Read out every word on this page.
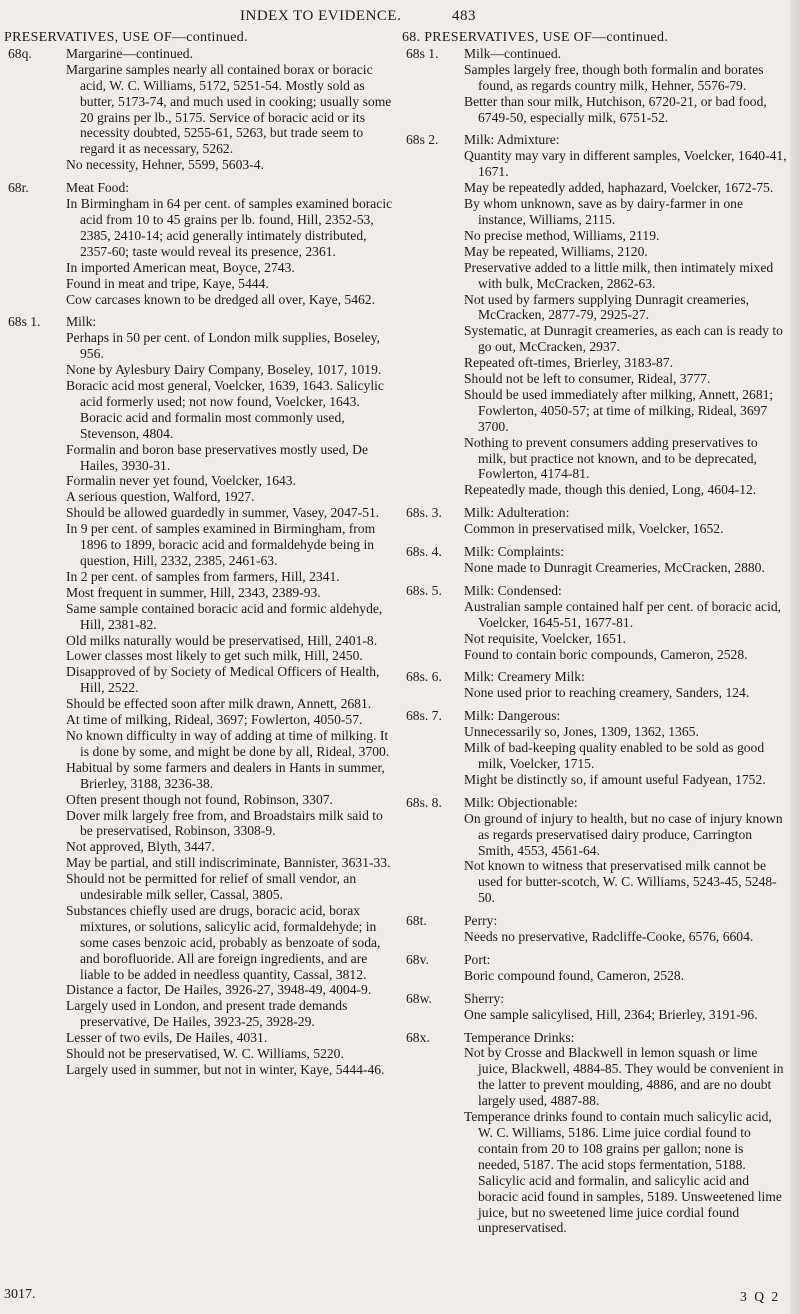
INDEX TO EVIDENCE.	483
PRESERVATIVES, USE OF—continued.
68q.	Margarine—continued.

Margarine samples nearly all contained borax or boracic acid, W. C. Williams, 5172, 5251-54. Mostly sold as butter, 5173-74, and much used in cooking; usually some 20 grains per lb., 5175. Service of boracic acid or its necessity doubted, 5255-61, 5263, but trade seem to regard it as necessary, 5262.

No necessity, Hehner, 5599, 5603-4.

68r.	Meat Food:

In Birmingham in 64 per cent. of samples examined boracic acid from 10 to 45 grains per lb. found, Hill, 2352-53, 2385, 2410-14; acid generally intimately distributed, 2357-60; taste would reveal its presence, 2361.

In imported American meat, Boyce, 2743.

Found in meat and tripe, Kaye, 5444.

Cow carcases known to be dredged all over, Kaye, 5462.

68s 1. Milk:

Perhaps in 50 per cent. of London milk supplies, Boseley, 956.

None by Aylesbury Dairy Company, Boseley, 1017, 1019.

Boracic acid most general, Voelcker, 1639, 1643. Salicylic acid formerly used; not now found, Voelcker, 1643. Boracic acid and formalin most commonly used, Stevenson, 4804.

Formalin and boron base preservatives mostly used, De Hailes, 3930-31.

Formalin never yet found, Voelcker, 1643.

A serious question, Walford, 1927.

Should be allowed guardedly in summer, Vasey, 2047-51.

In 9 per cent. of samples examined in Birmingham, from 1896 to 1899, boracic acid and formaldehyde being in question, Hill, 2332, 2385, 2461-63.

In 2 per cent. of samples from farmers, Hill, 2341.

Most frequent in summer, Hill, 2343, 2389-93.

Same sample contained boracic acid and formic aldehyde, Hill, 2381-82.

Old milks naturally would be preservatised, Hill, 2401-8.

Lower classes most likely to get such milk, Hill, 2450.

Disapproved of by Society of Medical Officers of Health, Hill, 2522.

Should be effected soon after milk drawn, Annett, 2681.

At time of milking, Rideal, 3697; Fowlerton, 4050-57.

No known difficulty in way of adding at time of milking. It is done by some, and might be done by all, Rideal, 3700.

Habitual by some farmers and dealers in Hants in summer, Brierley, 3188, 3236-38.

Often present though not found, Robinson, 3307.

Dover milk largely free from, and Broadstairs milk said to be preservatised, Robinson, 3308-9.

Not approved, Blyth, 3447.

May be partial, and still indiscriminate, Bannister, 3631-33.

Should not be permitted for relief of small vendor, an undesirable milk seller, Cassal, 3805.

Substances chiefly used are drugs, boracic acid, borax mixtures, or solutions, salicylic acid, formaldehyde; in some cases benzoic acid, probably as benzoate of soda, and borofluoride. All are foreign ingredients, and are liable to be added in needless quantity, Cassal, 3812.

Distance a factor, De Hailes, 3926-27, 3948-49, 4004-9.

Largely used in London, and present trade demands preservative, De Hailes, 3923-25, 3928-29.

Lesser of two evils, De Hailes, 4031.

Should not be preservatised, W. C. Williams, 5220.

Largely used in summer, but not in winter, Kaye, 5444-46.

68. PRESERVATIVES, USE OF—continued.
68s 1. Milk—continued.

Samples largely free, though both formalin and borates found, as regards country milk, Hehner, 5576-79.

Better than sour milk, Hutchison, 6720-21, or bad food, 6749-50, especially milk, 6751-52.

68s 2. Milk: Admixture:

Quantity may vary in different samples, Voelcker, 1640-41, 1671.

May be repeatedly added, haphazard, Voelcker, 1672-75.

By whom unknown, save as by dairy-farmer in one instance, Williams, 2115.

No precise method, Williams, 2119.

May be repeated, Williams, 2120.

Preservative added to a little milk, then intimately mixed with bulk, McCracken, 2862-63.

Not used by farmers supplying Dunragit creameries, McCracken, 2877-79, 2925-27.

Systematic, at Dunragit creameries, as each can is ready to go out, McCracken, 2937.

Repeated oft-times, Brierley, 3183-87.

Should not be left to consumer, Rideal, 3777.

Should be used immediately after milking, Annett, 2681; Fowlerton, 4050-57; at time of milking, Rideal, 3697 3700.

Nothing to prevent consumers adding preservatives to milk, but practice not known, and to be deprecated, Fowlerton, 4174-81.

Repeatedly made, though this denied, Long, 4604-12.

68s. 3. Milk: Adulteration:

Common in preservatised milk, Voelcker, 1652.

68s. 4. Milk: Complaints:

None made to Dunragit Creameries, McCracken, 2880.

68s. 5. Milk: Condensed:

Australian sample contained half per cent. of boracic acid, Voelcker, 1645-51, 1677-81.

Not requisite, Voelcker, 1651.

Found to contain boric compounds, Cameron, 2528.

68s. 6. Milk: Creamery Milk:

None used prior to reaching creamery, Sanders, 124.

68s. 7. Milk: Dangerous:

Unnecessarily so, Jones, 1309, 1362, 1365.

Milk of bad-keeping quality enabled to be sold as good milk, Voelcker, 1715.

Might be distinctly so, if amount useful Fadyean, 1752.

68s. 8. Milk: Objectionable:

On ground of injury to health, but no case of injury known as regards preservatised dairy produce, Carrington Smith, 4553, 4561-64.

Not known to witness that preservatised milk cannot be used for butter-scotch, W. C. Williams, 5243-45, 5248-50.

68t.	Perry:

Needs no preservative, Radcliffe-Cooke, 6576, 6604.

68v.	Port:

Boric compound found, Cameron, 2528.

68w. Sherry:

One sample salicylised, Hill, 2364; Brierley, 3191-96.

68x.	Temperance Drinks:

Not by Crosse and Blackwell in lemon squash or lime juice, Blackwell, 4884-85. They would be convenient in the latter to prevent moulding, 4886, and are no doubt largely used, 4887-88.

Temperance drinks found to contain much salicylic acid, W. C. Williams, 5186. Lime juice cordial found to contain from 20 to 108 grains per gallon; none is needed, 5187. The acid stops fermentation, 5188. Salicylic acid and formalin, and salicylic acid and boracic acid found in samples, 5189. Unsweetened lime juice, but no sweetened lime juice cordial found unpreservatised.

3017.	3 Q 2
